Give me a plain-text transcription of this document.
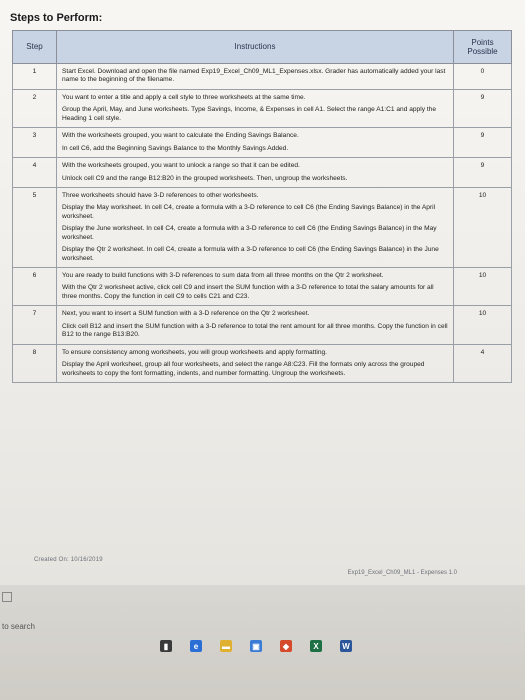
Steps to Perform:
Step	Instructions	Points
Possible
1	Start Excel. Download and open the file named Exp19_Excel_Ch09_ML1_Expenses.xlsx. Grader has automatically added your last name to the beginning of the filename.	0
2	You want to enter a title and apply a cell style to three worksheets at the same time.

Group the April, May, and June worksheets. Type Savings, Income, & Expenses in cell A1. Select the range A1:C1 and apply the Heading 1 cell style.	9
3	With the worksheets grouped, you want to calculate the Ending Savings Balance.

In cell C6, add the Beginning Savings Balance to the Monthly Savings Added.	9
4	With the worksheets grouped, you want to unlock a range so that it can be edited.

Unlock cell C9 and the range B12:B20 in the grouped worksheets. Then, ungroup the worksheets.	9
5	Three worksheets should have 3-D references to other worksheets.

Display the May worksheet. In cell C4, create a formula with a 3-D reference to cell C6 (the Ending Savings Balance) in the April worksheet.

Display the June worksheet. In cell C4, create a formula with a 3-D reference to cell C6 (the Ending Savings Balance) in the May worksheet.

Display the Qtr 2 worksheet. In cell C4, create a formula with a 3-D reference to cell C6 (the Ending Savings Balance) in the June worksheet.	10
6	You are ready to build functions with 3-D references to sum data from all three months on the Qtr 2 worksheet.

With the Qtr 2 worksheet active, click cell C9 and insert the SUM function with a 3-D reference to total the salary amounts for all three months. Copy the function in cell C9 to cells C21 and C23.	10
7	Next, you want to insert a SUM function with a 3-D reference on the Qtr 2 worksheet.

Click cell B12 and insert the SUM function with a 3-D reference to total the rent amount for all three months. Copy the function in cell B12 to the range B13:B20.	10
8	To ensure consistency among worksheets, you will group worksheets and apply formatting.

Display the April worksheet, group all four worksheets, and select the range A8:C23. Fill the formats only across the grouped worksheets to copy the font formatting, indents, and number formatting. Ungroup the worksheets.	4
Created On: 10/16/2019
Exp19_Excel_Ch09_ML1 - Expenses 1.0
to search
▮	e	▬	▣	◆	X	W
